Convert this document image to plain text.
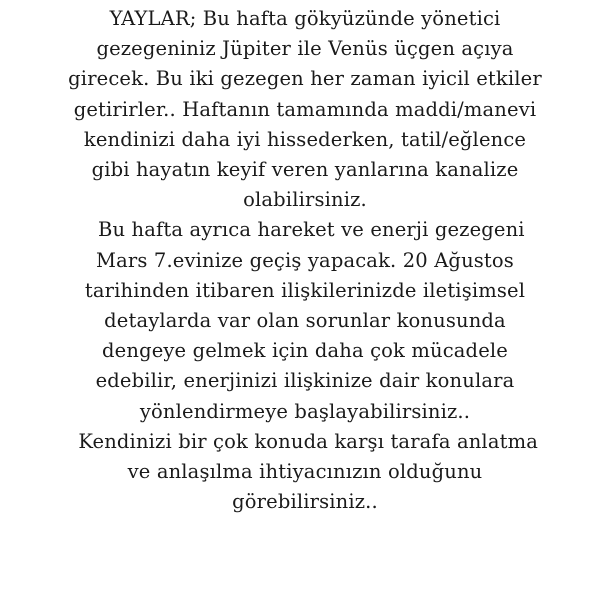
YAYLAR; Bu hafta gökyüzünde yönetici
gezegeniniz Jüpiter ile Venüs üçgen açıya
girecek. Bu iki gezegen her zaman iyicil etkiler
getirirler.. Haftanın tamamında maddi/manevi
kendinizi daha iyi hissederken, tatil/eğlence
gibi hayatın keyif veren yanlarına kanalize
olabilirsiniz.
Bu hafta ayrıca hareket ve enerji gezegeni
Mars 7.evinize geçiş yapacak. 20 Ağustos
tarihinden itibaren ilişkilerinizde iletişimsel
detaylarda var olan sorunlar konusunda
dengeye gelmek için daha çok mücadele
edebilir, enerjinizi ilişkinize dair konulara
yönlendirmeye başlayabilirsiniz..
Kendinizi bir çok konuda karşı tarafa anlatma
ve anlaşılma ihtiyacınızın olduğunu
görebilirsiniz..
